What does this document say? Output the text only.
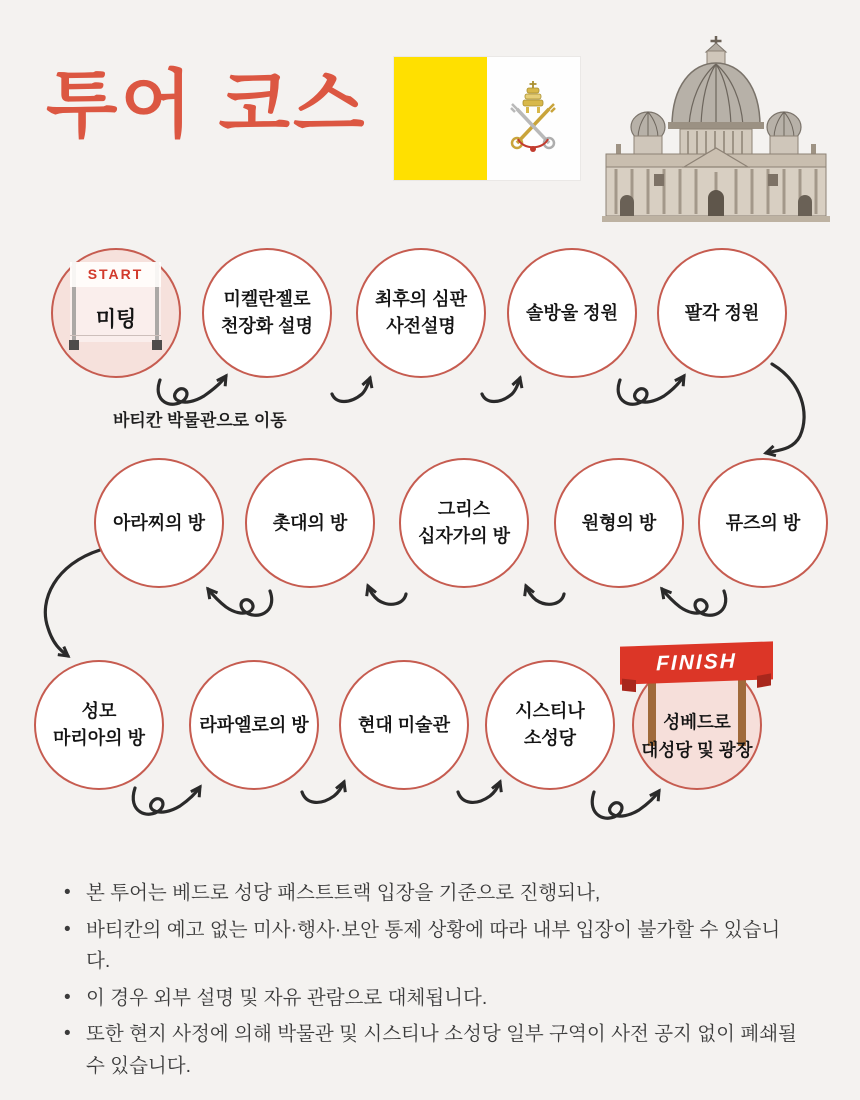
투어 코스
START
미팅
미켈란젤로
천장화 설명
최후의 심판
사전설명
솔방울 정원	팔각 정원
바티칸 박물관으로 이동
아라찌의 방	촛대의 방
그리스
십자가의 방
원형의 방	뮤즈의 방
성모
마리아의 방
라파엘로의 방	현대 미술관
시스티나
소성당
FINISH
성베드로
대성당 및 광장
• 본 투어는 베드로 성당 패스트트랙 입장을 기준으로 진행되나,
• 바티칸의 예고 없는 미사·행사·보안 통제 상황에 따라 내부 입장이 불가할 수 있습니다.
• 이 경우 외부 설명 및 자유 관람으로 대체됩니다.
• 또한 현지 사정에 의해 박물관 및 시스티나 소성당 일부 구역이 사전 공지 없이 폐쇄될 수 있습니다.
